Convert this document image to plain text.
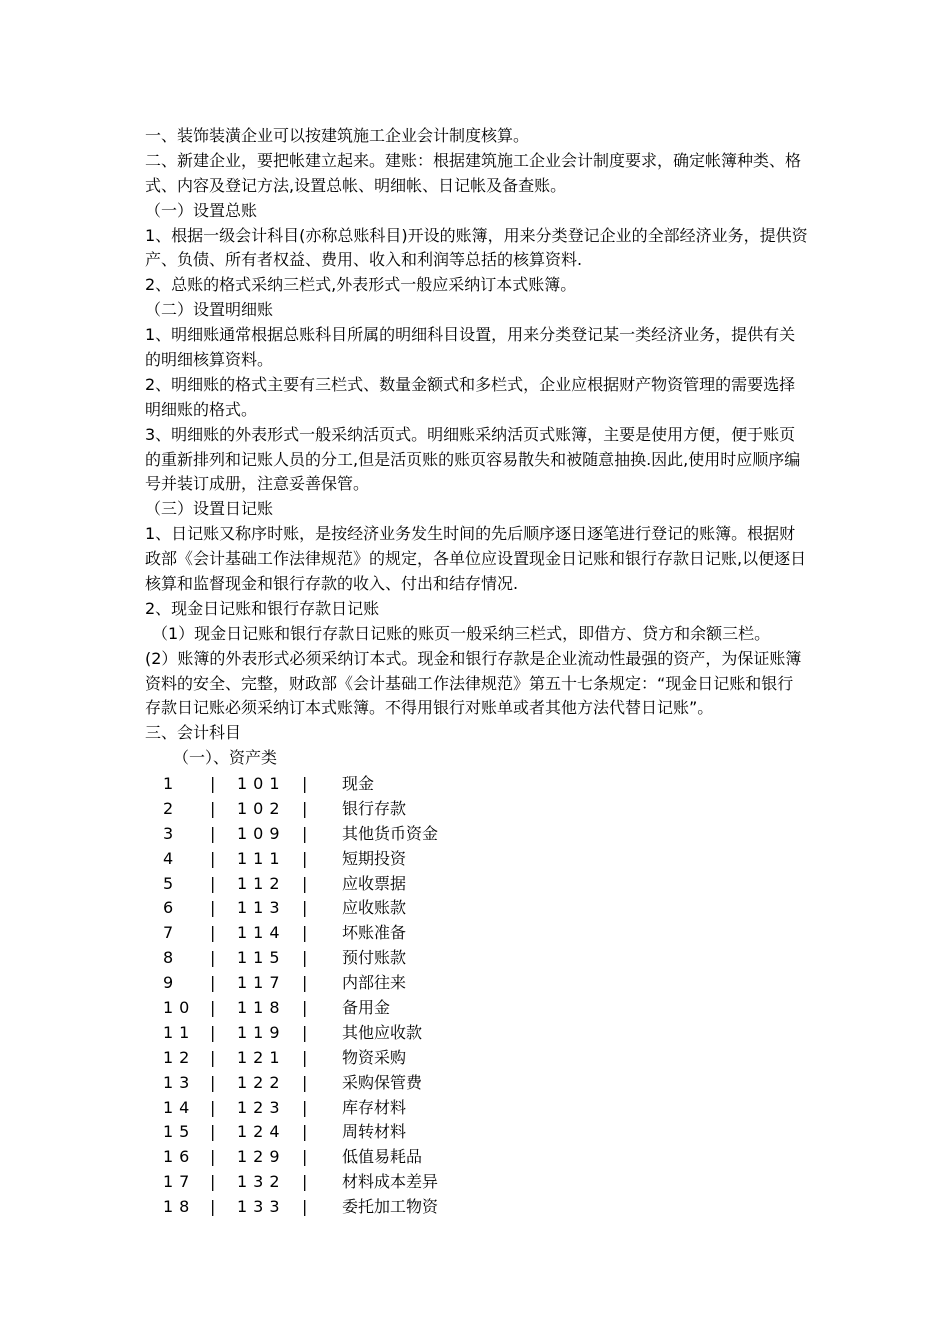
一、装饰装潢企业可以按建筑施工企业会计制度核算。
二、新建企业，要把帐建立起来。建账：根据建筑施工企业会计制度要求，确定帐簿种类、格
式、内容及登记方法,设置总帐、明细帐、日记帐及备查账。
（一）设置总账
1、根据一级会计科目(亦称总账科目)开设的账簿，用来分类登记企业的全部经济业务，提供资
产、负债、所有者权益、费用、收入和利润等总括的核算资料.
2、总账的格式采纳三栏式,外表形式一般应采纳订本式账簿。
（二）设置明细账
1、明细账通常根据总账科目所属的明细科目设置，用来分类登记某一类经济业务，提供有关
的明细核算资料。
2、明细账的格式主要有三栏式、数量金额式和多栏式，企业应根据财产物资管理的需要选择
明细账的格式。
3、明细账的外表形式一般采纳活页式。明细账采纳活页式账簿，主要是使用方便，便于账页
的重新排列和记账人员的分工,但是活页账的账页容易散失和被随意抽换.因此,使用时应顺序编
号并装订成册，注意妥善保管。
（三）设置日记账
1、日记账又称序时账，是按经济业务发生时间的先后顺序逐日逐笔进行登记的账簿。根据财
政部《会计基础工作法律规范》的规定，各单位应设置现金日记账和银行存款日记账,以便逐日
核算和监督现金和银行存款的收入、付出和结存情况.
2、现金日记账和银行存款日记账
（1）现金日记账和银行存款日记账的账页一般采纳三栏式，即借方、贷方和余额三栏。
(2）账簿的外表形式必须采纳订本式。现金和银行存款是企业流动性最强的资产，为保证账簿
资料的安全、完整，财政部《会计基础工作法律规范》第五十七条规定：“现金日记账和银行
存款日记账必须采纳订本式账簿。不得用银行对账单或者其他方法代替日记账”。
三、会计科目
（一）、资产类
1 | 101 | 现金
2 | 102 | 银行存款
3 | 109 | 其他货币资金
4 | 111 | 短期投资
5 | 112 | 应收票据
6 | 113 | 应收账款
7 | 114 | 坏账准备
8 | 115 | 预付账款
9 | 117 | 内部往来
10 | 118 | 备用金
11 | 119 | 其他应收款
12 | 121 | 物资采购
13 | 122 | 采购保管费
14 | 123 | 库存材料
15 | 124 | 周转材料
16 | 129 | 低值易耗品
17 | 132 | 材料成本差异
18 | 133 | 委托加工物资
